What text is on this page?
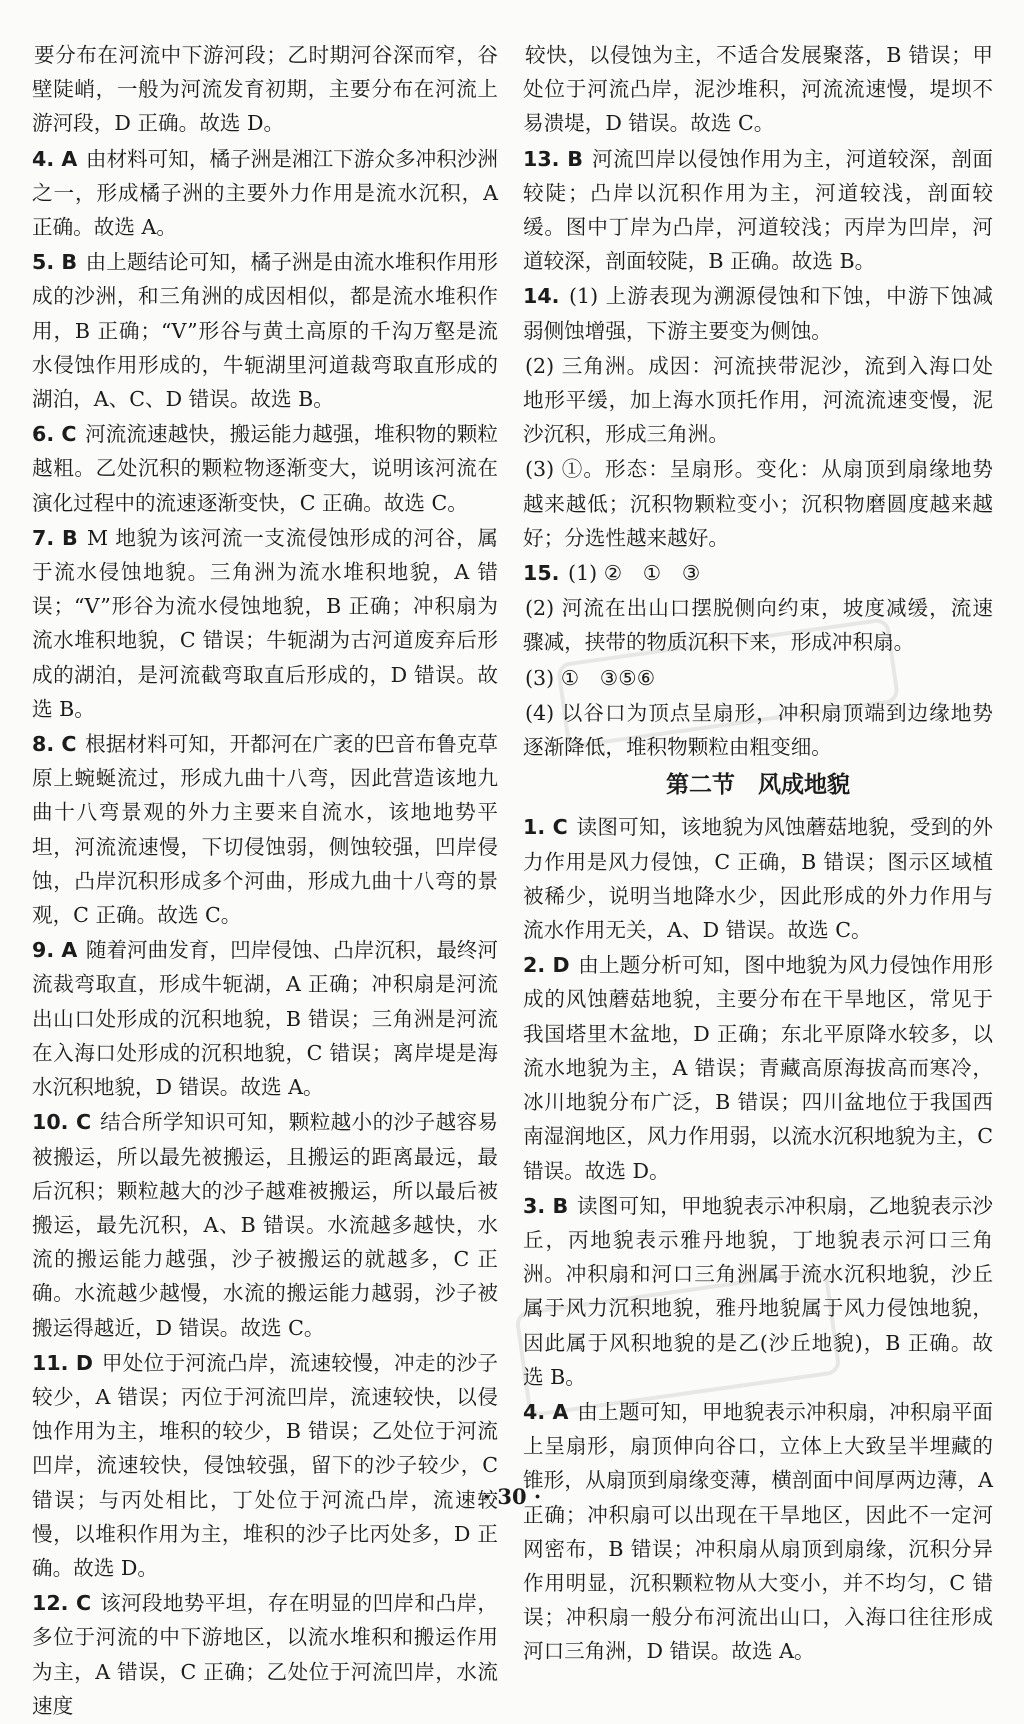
要分布在河流中下游河段；乙时期河谷深而窄，谷壁陡峭，一般为河流发育初期，主要分布在河流上游河段，D 正确。故选 D。
4. A 由材料可知，橘子洲是湘江下游众多冲积沙洲之一，形成橘子洲的主要外力作用是流水沉积，A 正确。故选 A。
5. B 由上题结论可知，橘子洲是由流水堆积作用形成的沙洲，和三角洲的成因相似，都是流水堆积作用，B 正确；“V”形谷与黄土高原的千沟万壑是流水侵蚀作用形成的，牛轭湖里河道裁弯取直形成的湖泊，A、C、D 错误。故选 B。
6. C 河流流速越快，搬运能力越强，堆积物的颗粒越粗。乙处沉积的颗粒物逐渐变大，说明该河流在演化过程中的流速逐渐变快，C 正确。故选 C。
7. B M 地貌为该河流一支流侵蚀形成的河谷，属于流水侵蚀地貌。三角洲为流水堆积地貌，A 错误；“V”形谷为流水侵蚀地貌，B 正确；冲积扇为流水堆积地貌，C 错误；牛轭湖为古河道废弃后形成的湖泊，是河流截弯取直后形成的，D 错误。故选 B。
8. C 根据材料可知，开都河在广袤的巴音布鲁克草原上蜿蜒流过，形成九曲十八弯，因此营造该地九曲十八弯景观的外力主要来自流水，该地地势平坦，河流流速慢，下切侵蚀弱，侧蚀较强，凹岸侵蚀，凸岸沉积形成多个河曲，形成九曲十八弯的景观，C 正确。故选 C。
9. A 随着河曲发育，凹岸侵蚀、凸岸沉积，最终河流裁弯取直，形成牛轭湖，A 正确；冲积扇是河流出山口处形成的沉积地貌，B 错误；三角洲是河流在入海口处形成的沉积地貌，C 错误；离岸堤是海水沉积地貌，D 错误。故选 A。
10. C 结合所学知识可知，颗粒越小的沙子越容易被搬运，所以最先被搬运，且搬运的距离最远，最后沉积；颗粒越大的沙子越难被搬运，所以最后被搬运，最先沉积，A、B 错误。水流越多越快，水流的搬运能力越强，沙子被搬运的就越多，C 正确。水流越少越慢，水流的搬运能力越弱，沙子被搬运得越近，D 错误。故选 C。
11. D 甲处位于河流凸岸，流速较慢，冲走的沙子较少，A 错误；丙位于河流凹岸，流速较快，以侵蚀作用为主，堆积的较少，B 错误；乙处位于河流凹岸，流速较快，侵蚀较强，留下的沙子较少，C 错误；与丙处相比，丁处位于河流凸岸，流速较慢，以堆积作用为主，堆积的沙子比丙处多，D 正确。故选 D。
12. C 该河段地势平坦，存在明显的凹岸和凸岸，多位于河流的中下游地区，以流水堆积和搬运作用为主，A 错误，C 正确；乙处位于河流凹岸，水流速度
较快，以侵蚀为主，不适合发展聚落，B 错误；甲处位于河流凸岸，泥沙堆积，河流流速慢，堤坝不易溃堤，D 错误。故选 C。
13. B 河流凹岸以侵蚀作用为主，河道较深，剖面较陡；凸岸以沉积作用为主，河道较浅，剖面较缓。图中丁岸为凸岸，河道较浅；丙岸为凹岸，河道较深，剖面较陡，B 正确。故选 B。
14. (1) 上游表现为溯源侵蚀和下蚀，中游下蚀减弱侧蚀增强，下游主要变为侧蚀。
(2) 三角洲。成因：河流挟带泥沙，流到入海口处地形平缓，加上海水顶托作用，河流流速变慢，泥沙沉积，形成三角洲。
(3) ①。形态：呈扇形。变化：从扇顶到扇缘地势越来越低；沉积物颗粒变小；沉积物磨圆度越来越好；分选性越来越好。
15. (1) ②　①　③
(2) 河流在出山口摆脱侧向约束，坡度减缓，流速骤减，挟带的物质沉积下来，形成冲积扇。
(3) ①　③⑤⑥
(4) 以谷口为顶点呈扇形，冲积扇顶端到边缘地势逐渐降低，堆积物颗粒由粗变细。
第二节　风成地貌
1. C 读图可知，该地貌为风蚀蘑菇地貌，受到的外力作用是风力侵蚀，C 正确，B 错误；图示区域植被稀少，说明当地降水少，因此形成的外力作用与流水作用无关，A、D 错误。故选 C。
2. D 由上题分析可知，图中地貌为风力侵蚀作用形成的风蚀蘑菇地貌，主要分布在干旱地区，常见于我国塔里木盆地，D 正确；东北平原降水较多，以流水地貌为主，A 错误；青藏高原海拔高而寒冷，冰川地貌分布广泛，B 错误；四川盆地位于我国西南湿润地区，风力作用弱，以流水沉积地貌为主，C 错误。故选 D。
3. B 读图可知，甲地貌表示冲积扇，乙地貌表示沙丘，丙地貌表示雅丹地貌，丁地貌表示河口三角洲。冲积扇和河口三角洲属于流水沉积地貌，沙丘属于风力沉积地貌，雅丹地貌属于风力侵蚀地貌，因此属于风积地貌的是乙(沙丘地貌)，B 正确。故选 B。
4. A 由上题可知，甲地貌表示冲积扇，冲积扇平面上呈扇形，扇顶伸向谷口，立体上大致呈半埋藏的锥形，从扇顶到扇缘变薄，横剖面中间厚两边薄，A 正确；冲积扇可以出现在干旱地区，因此不一定河网密布，B 错误；冲积扇从扇顶到扇缘，沉积分异作用明显，沉积颗粒物从大变小，并不均匀，C 错误；冲积扇一般分布河流出山口，入海口往往形成河口三角洲，D 错误。故选 A。
· 30 ·
